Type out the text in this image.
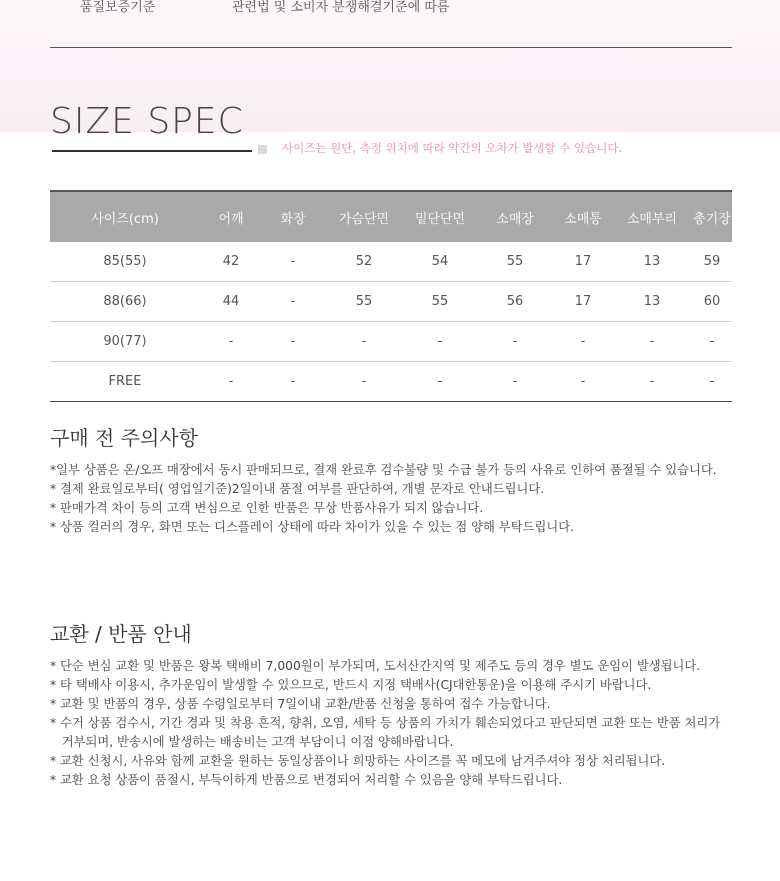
품질보증기준	관련법 및 소비자 분쟁해결기준에 따름
SIZE SPEC
사이즈는 원단, 측정 위치에 따라 약간의 오차가 발생할 수 있습니다.
사이즈(cm)	어깨	화장	가슴단면	밑단단면	소매장	소매통	소매부리	총기장
85(55)	42	-	52	54	55	17	13	59
88(66)	44	-	55	55	56	17	13	60
90(77)	-	-	-	-	-	-	-	-
FREE	-	-	-	-	-	-	-	-
구매 전 주의사항
*일부 상품은 온/오프 매장에서 동시 판매되므로, 결재 완료후 검수불량 및 수급 불가 등의 사유로 인하여 품절될 수 있습니다.
* 결제 완료일로부터( 영업일기준)2일이내 품절 여부를 판단하여, 개별 문자로 안내드립니다.
* 판매가격 차이 등의 고객 변심으로 인한 반품은 무상 반품사유가 되지 않습니다.
* 상품 컬러의 경우, 화면 또는 디스플레이 상태에 따라 차이가 있을 수 있는 점 양해 부탁드립니다.
교환 / 반품 안내
* 단순 변심 교환 및 반품은 왕복 택배비 7,000원이 부가되며, 도서산간지역 및 제주도 등의 경우 별도 운임이 발생됩니다.
* 타 택배사 이용시, 추가운임이 발생할 수 있으므로, 반드시 지정 택배사(CJ대한통운)을 이용해 주시기 바랍니다.
* 교환 및 반품의 경우, 상품 수령일로부터 7일이내 교환/반품 신청을 통하여 접수 가능합니다.
* 수거 상품 검수시, 기간 경과 및 착용 흔적, 향취, 오염, 세탁 등 상품의 가치가 훼손되었다고 판단되면 교환 또는 반품 처리가
거부되며, 반송시에 발생하는 배송비는 고객 부담이니 이점 양해바랍니다.
* 교환 신청시, 사유와 함께 교환을 원하는 동일상품이나 희망하는 사이즈를 꼭 메모에 남겨주셔야 정상 처리됩니다.
* 교환 요청 상품이 품절시, 부득이하게 반품으로 변경되어 처리할 수 있음을 양해 부탁드립니다.
